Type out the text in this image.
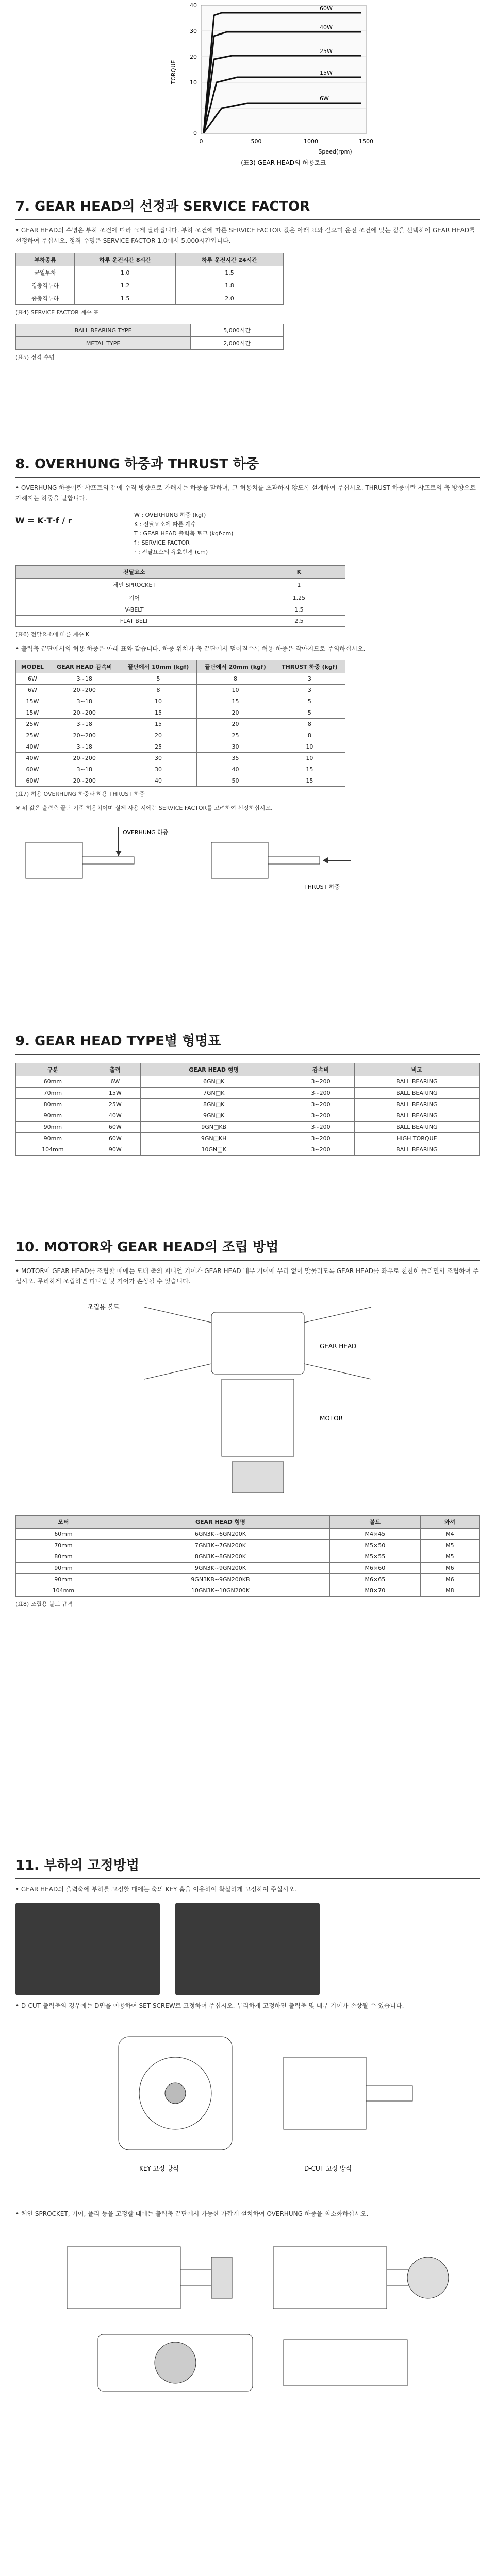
40
30
20
10
0
0	500	1000	1500
TORQUE
Speed(rpm)
60W
40W
25W
15W
6W
(표3) GEAR HEAD의 허용토크
Gear head permissible torque
7. GEAR HEAD의 선정과 SERVICE FACTOR

• GEAR HEAD의 수명은 부하 조건에 따라 크게 달라집니다. 부하 조건에 따른 SERVICE FACTOR 값은 아래 표와 같으며 운전 조건에 맞는 값을 선택하여 GEAR HEAD를 선정하여 주십시오. 정격 수명은 SERVICE FACTOR 1.0에서 5,000시간입니다.

부하종류	하루 운전시간 8시간	하루 운전시간 24시간
균일부하	1.0	1.5
경충격부하	1.2	1.8
중충격부하	1.5	2.0
(표4) SERVICE FACTOR 계수 표
BALL BEARING TYPE	5,000시간
METAL TYPE	2,000시간
(표5) 정격 수명
8. OVERHUNG 하중과 THRUST 하중

• OVERHUNG 하중이란 샤프트의 끝에 수직 방향으로 가해지는 하중을 말하며, 그 허용치를 초과하지 않도록 설계하여 주십시오. THRUST 하중이란 샤프트의 축 방향으로 가해지는 하중을 말합니다.

W = K·T·f / r
W : OVERHUNG 하중 (kgf)
K : 전달요소에 따른 계수
T : GEAR HEAD 출력축 토크 (kgf·cm)
f : SERVICE FACTOR
r : 전달요소의 유효반경 (cm)
전달요소	K
체인 SPROCKET	1
기어	1.25
V-BELT	1.5
FLAT BELT	2.5
(표6) 전달요소에 따른 계수 K

• 출력축 끝단에서의 허용 하중은 아래 표와 같습니다. 하중 위치가 축 끝단에서 멀어질수록 허용 하중은 작아지므로 주의하십시오.

MODEL	GEAR HEAD 감속비	끝단에서 10mm (kgf)	끝단에서 20mm (kgf)	THRUST 하중 (kgf)
6W	3~18	5	8	3
6W	20~200	8	10	3
15W	3~18	10	15	5
15W	20~200	15	20	5
25W	3~18	15	20	8
25W	20~200	20	25	8
40W	3~18	25	30	10
40W	20~200	30	35	10
60W	3~18	30	40	15
60W	20~200	40	50	15
(표7) 허용 OVERHUNG 하중과 허용 THRUST 하중

※ 위 값은 출력축 끝단 기준 허용치이며 실제 사용 시에는 SERVICE FACTOR를 고려하여 선정하십시오.

OVERHUNG 하중
THRUST 하중
9. GEAR HEAD TYPE별 형명표
구분	출력	GEAR HEAD 형명	감속비	비고
60mm	6W	6GN□K	3~200	BALL BEARING
70mm	15W	7GN□K	3~200	BALL BEARING
80mm	25W	8GN□K	3~200	BALL BEARING
90mm	40W	9GN□K	3~200	BALL BEARING
90mm	60W	9GN□KB	3~200	BALL BEARING
90mm	60W	9GN□KH	3~200	HIGH TORQUE
104mm	90W	10GN□K	3~200	BALL BEARING
10. MOTOR와 GEAR HEAD의 조립 방법

• MOTOR에 GEAR HEAD를 조립할 때에는 모터 축의 피니언 기어가 GEAR HEAD 내부 기어에 무리 없이 맞물리도록 GEAR HEAD를 좌우로 천천히 돌리면서 조립하여 주십시오. 무리하게 조립하면 피니언 및 기어가 손상될 수 있습니다.

MOTOR
GEAR HEAD
조립용 볼트
모터	GEAR HEAD 형명	볼트	와셔
60mm	6GN3K~6GN200K	M4×45	M4
70mm	7GN3K~7GN200K	M5×50	M5
80mm	8GN3K~8GN200K	M5×55	M5
90mm	9GN3K~9GN200K	M6×60	M6
90mm	9GN3KB~9GN200KB	M6×65	M6
104mm	10GN3K~10GN200K	M8×70	M8
(표8) 조립용 볼트 규격
11. 부하의 고정방법

• GEAR HEAD의 출력축에 부하를 고정할 때에는 축의 KEY 홈을 이용하여 확실하게 고정하여 주십시오.

• D-CUT 출력축의 경우에는 D면을 이용하여 SET SCREW로 고정하여 주십시오. 무리하게 고정하면 출력축 및 내부 기어가 손상될 수 있습니다.

KEY 고정 방식	D-CUT 고정 방식

• 체인 SPROCKET, 기어, 풀리 등을 고정할 때에는 출력축 끝단에서 가능한 가깝게 설치하여 OVERHUNG 하중을 최소화하십시오.
